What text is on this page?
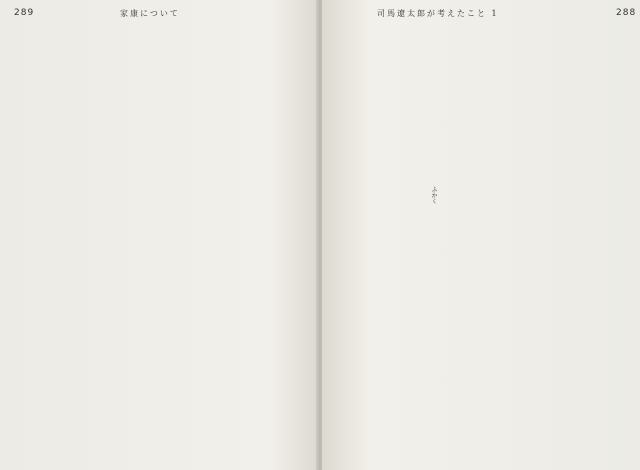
289	家康について	司馬遼太郎が考えたこと 1	288
ふかく
